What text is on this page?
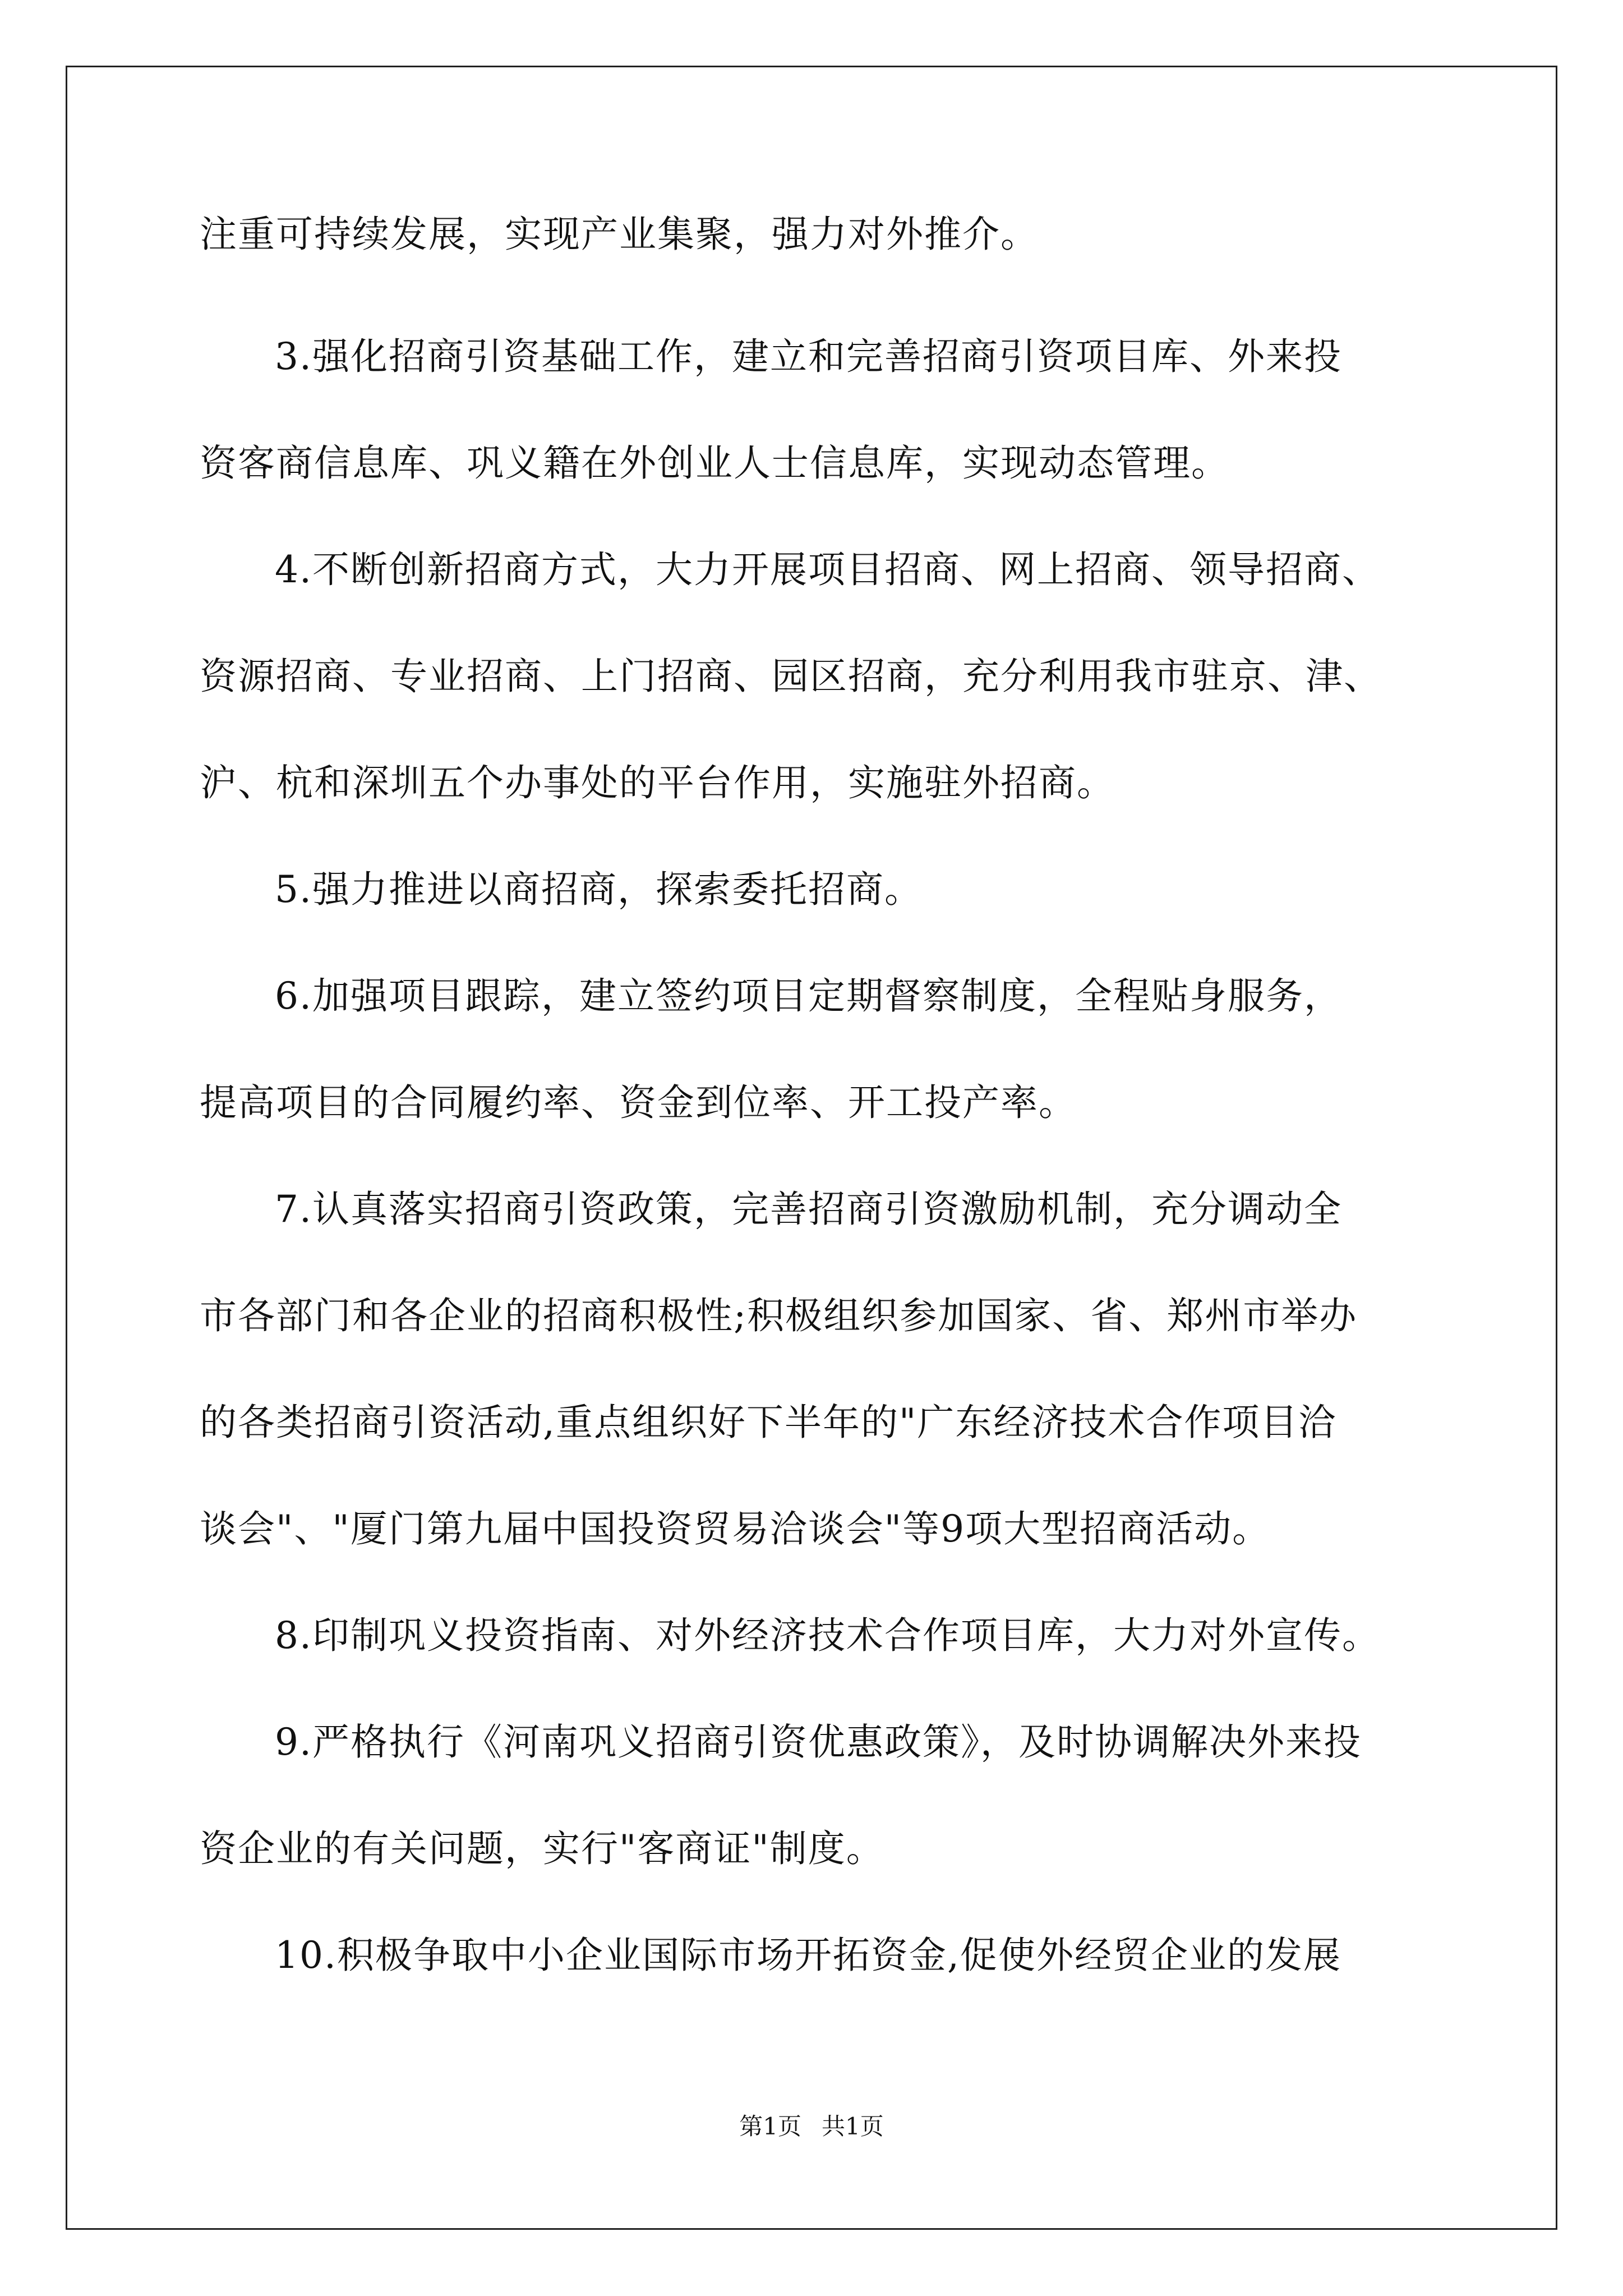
注重可持续发展，实现产业集聚，强力对外推介。
3.强化招商引资基础工作，建立和完善招商引资项目库、外来投
资客商信息库、巩义籍在外创业人士信息库，实现动态管理。
4.不断创新招商方式，大力开展项目招商、网上招商、领导招商、
资源招商、专业招商、上门招商、园区招商，充分利用我市驻京、津、
沪、杭和深圳五个办事处的平台作用，实施驻外招商。
5.强力推进以商招商，探索委托招商。
6.加强项目跟踪，建立签约项目定期督察制度，全程贴身服务，
提高项目的合同履约率、资金到位率、开工投产率。
7.认真落实招商引资政策，完善招商引资激励机制，充分调动全
市各部门和各企业的招商积极性;积极组织参加国家、省、郑州市举办
的各类招商引资活动,重点组织好下半年的"广东经济技术合作项目洽
谈会"、"厦门第九届中国投资贸易洽谈会"等9项大型招商活动。
8.印制巩义投资指南、对外经济技术合作项目库，大力对外宣传。
9.严格执行《河南巩义招商引资优惠政策》，及时协调解决外来投
资企业的有关问题，实行"客商证"制度。
10.积极争取中小企业国际市场开拓资金,促使外经贸企业的发展
第1页 共1页
